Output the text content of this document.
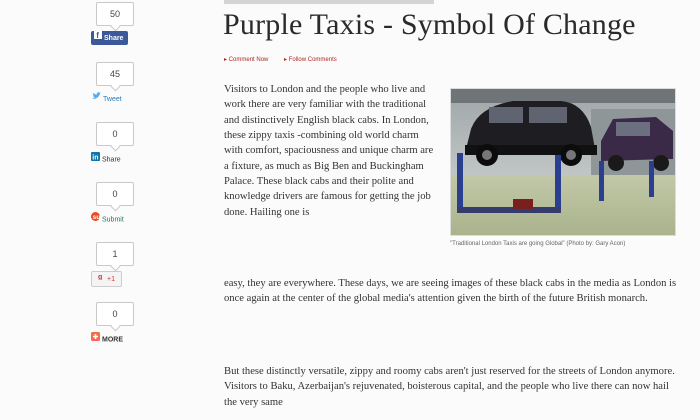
50
f Share
45
Tweet
0
in Share
0
su Submit
1
g +1
0
MORE
Purple Taxis - Symbol Of Change
▸ Comment Now ▸	Follow Comments

Visitors to London and the people who live and work there are very familiar with the traditional and distinctively English black cabs. In London, these zippy taxis -combining old world charm with comfort, spaciousness and unique charm are a fixture, as much as Big Ben and Buckingham Palace. These black cabs and their polite and knowledge drivers are famous for getting the job done. Hailing one is

easy, they are everywhere. These days, we are seeing images of these black cabs in the media as London is once again at the center of the global media's attention given the birth of the future British monarch.

But these distinctly versatile, zippy and roomy cabs aren't just reserved for the streets of London anymore. Visitors to Baku, Azerbaijan's rejuvenated, boisterous capital, and the people who live there can now hail the very same

"Traditional London Taxis are going Global" (Photo by: Gary Acon)
